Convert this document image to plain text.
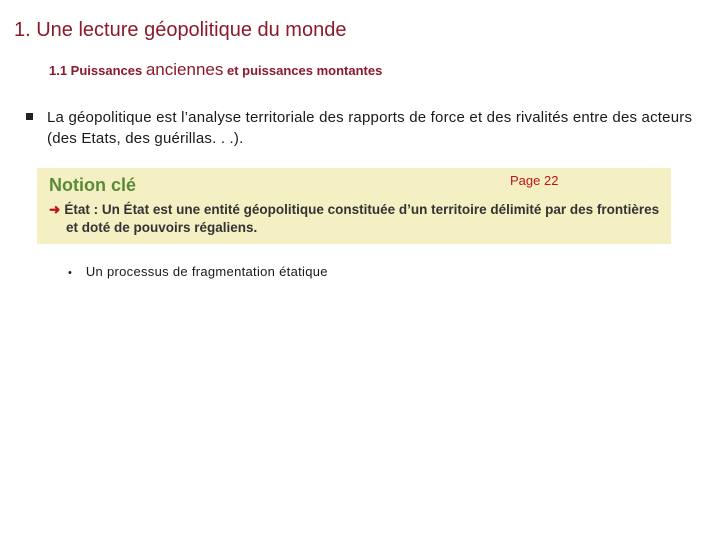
1. Une lecture géopolitique du monde
1.1 Puissances anciennes et puissances montantes
La géopolitique est l’analyse territoriale des rapports de force et des rivalités entre des acteurs (des Etats, des guérillas. . .).
Notion clé	Page 22
➜ État : Un État est une entité géopolitique constituée d’un territoire délimité par des frontières
et doté de pouvoirs régaliens.
• Un processus de fragmentation étatique
